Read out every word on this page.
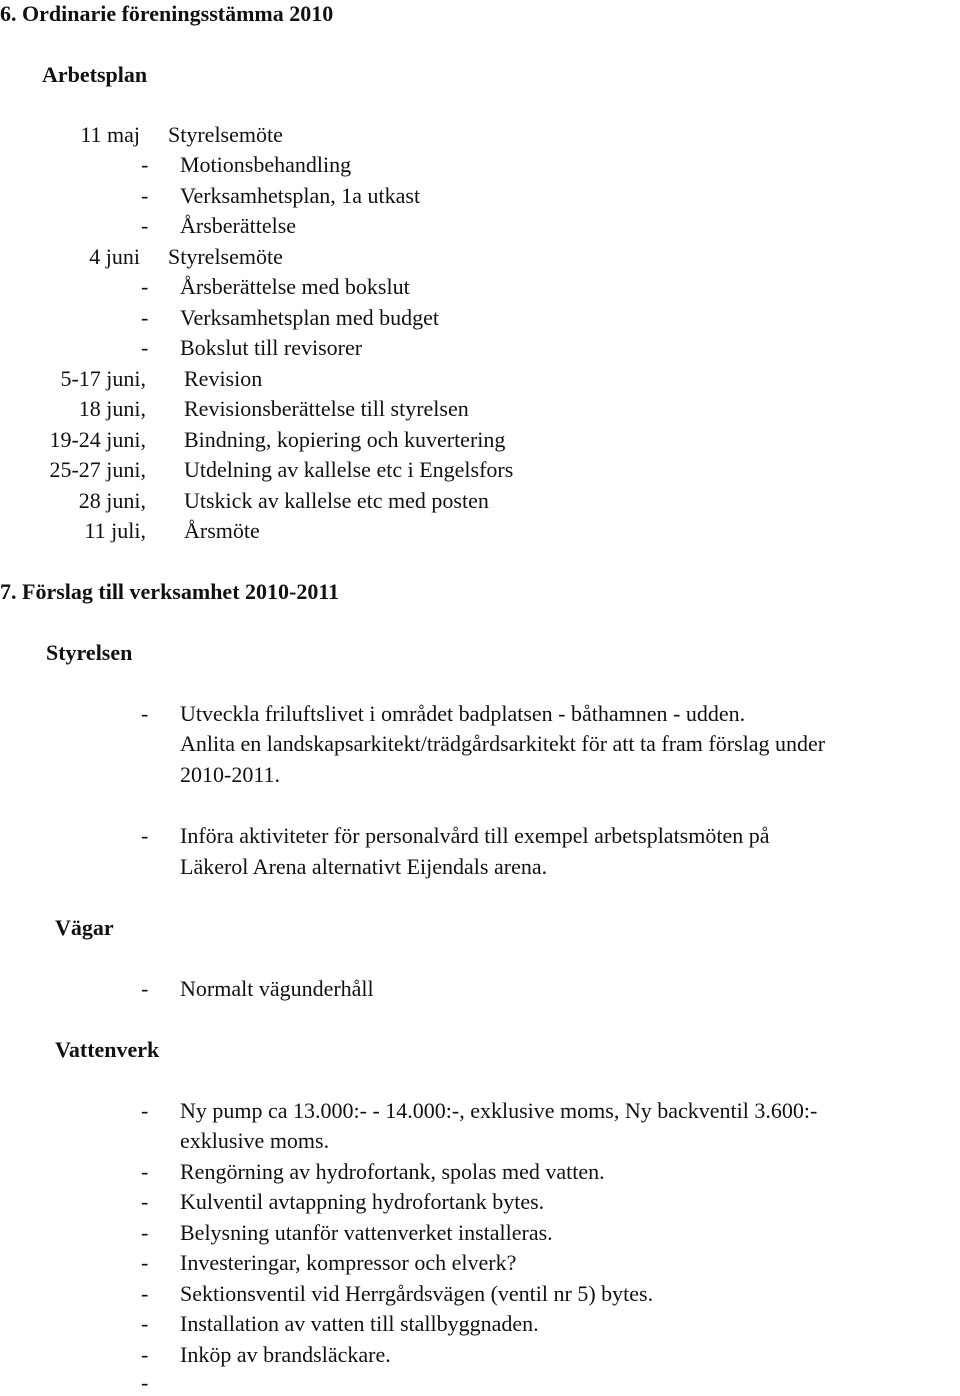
6. Ordinarie föreningsstämma 2010
Arbetsplan
11 maj Styrelsemöte
- Motionsbehandling
- Verksamhetsplan, 1a utkast
- Årsberättelse
4 juni Styrelsemöte
- Årsberättelse med bokslut
- Verksamhetsplan med budget
- Bokslut till revisorer
5-17 juni, Revision
18 juni, Revisionsberättelse till styrelsen
19-24 juni, Bindning, kopiering och kuvertering
25-27 juni, Utdelning av kallelse etc i Engelsfors
28 juni, Utskick av kallelse etc med posten
11 juli, Årsmöte
7. Förslag till verksamhet 2010-2011
Styrelsen
- Utveckla friluftslivet i området badplatsen - båthamnen - udden.
Anlita en landskapsarkitekt/trädgårdsarkitekt för att ta fram förslag under
2010-2011.
- Införa aktiviteter för personalvård till exempel arbetsplatsmöten på
Läkerol Arena alternativt Eijendals arena.
Vägar
- Normalt vägunderhåll
Vattenverk
- Ny pump ca 13.000:- - 14.000:-, exklusive moms, Ny backventil 3.600:-
exklusive moms.
- Rengörning av hydrofortank, spolas med vatten.
- Kulventil avtappning hydrofortank bytes.
- Belysning utanför vattenverket installeras.
- Investeringar, kompressor och elverk?
- Sektionsventil vid Herrgårdsvägen (ventil nr 5) bytes.
- Installation av vatten till stallbyggnaden.
- Inköp av brandsläckare.
-
